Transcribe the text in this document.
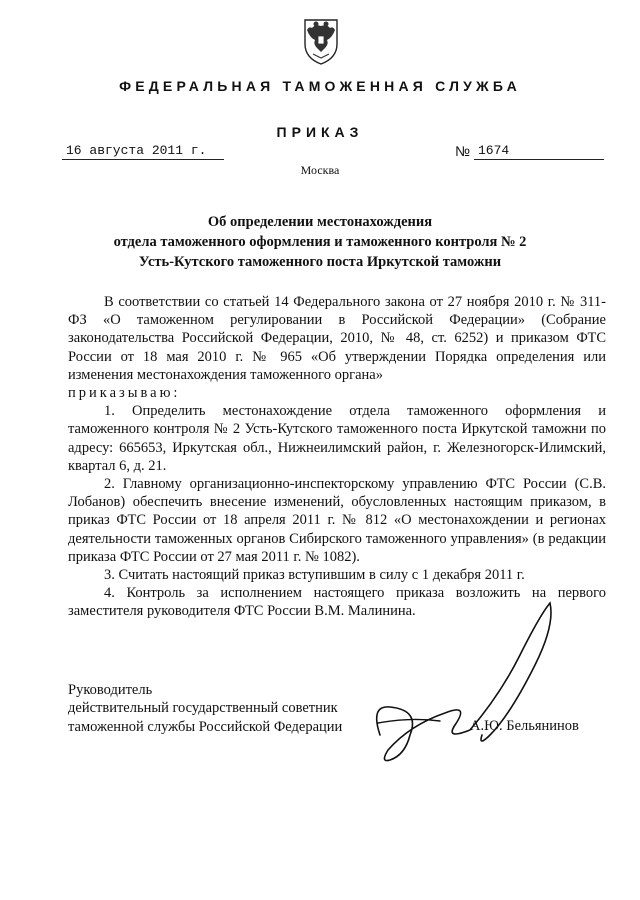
ФЕДЕРАЛЬНАЯ ТАМОЖЕННАЯ СЛУЖБА
ПРИКАЗ
16 августа 2011 г.	№ 1674
Москва
Об определении местонахождения
отдела таможенного оформления и таможенного контроля № 2
Усть-Кутского таможенного поста Иркутской таможни

В соответствии со статьей 14 Федерального закона от 27 ноября 2010 г. № 311-ФЗ «О таможенном регулировании в Российской Федерации» (Собрание законодательства Российской Федерации, 2010, № 48, ст. 6252) и приказом ФТС России от 18 мая 2010 г. № 965 «Об утверждении Порядка определения или изменения местонахождения таможенного органа»

приказываю:

1. Определить местонахождение отдела таможенного оформления и таможенного контроля № 2 Усть-Кутского таможенного поста Иркутской таможни по адресу: 665653, Иркутская обл., Нижнеилимский район, г. Железногорск-Илимский, квартал 6, д. 21.

2. Главному организационно-инспекторскому управлению ФТС России (С.В. Лобанов) обеспечить внесение изменений, обусловленных настоящим приказом, в приказ ФТС России от 18 апреля 2011 г. № 812 «О местонахождении и регионах деятельности таможенных органов Сибирского таможенного управления» (в редакции приказа ФТС России от 27 мая 2011 г. № 1082).

3. Считать настоящий приказ вступившим в силу с 1 декабря 2011 г.

4. Контроль за исполнением настоящего приказа возложить на первого заместителя руководителя ФТС России В.М. Малинина.

Руководитель
действительный государственный советник
таможенной службы Российской Федерации	А.Ю. Бельянинов
